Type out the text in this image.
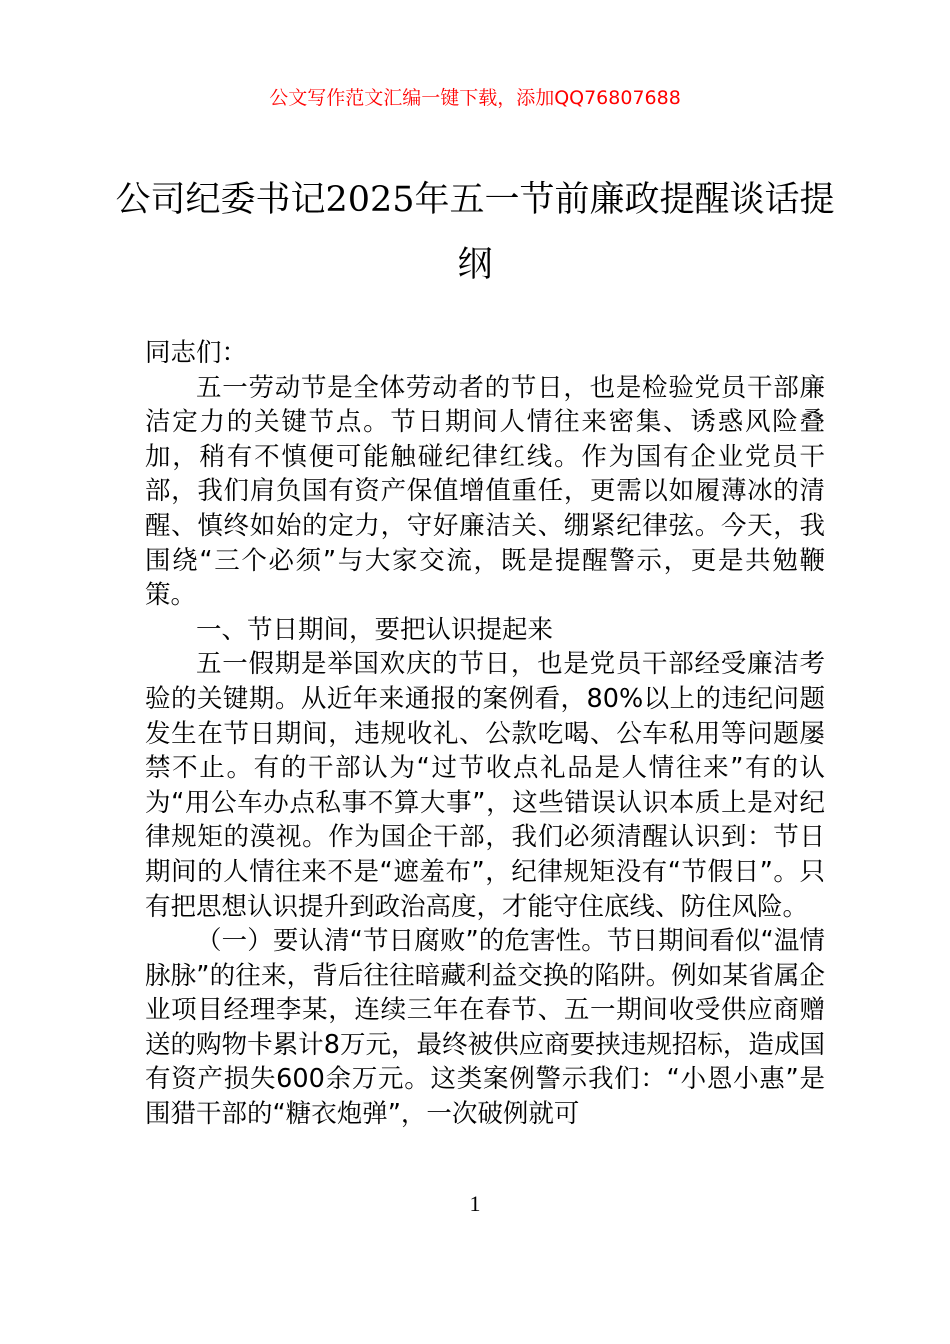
公文写作范文汇编一键下载，添加QQ76807688
公司纪委书记2025年五一节前廉政提醒谈话提纲

同志们：

五一劳动节是全体劳动者的节日，也是检验党员干部廉洁定力的关键节点。节日期间人情往来密集、诱惑风险叠加，稍有不慎便可能触碰纪律红线。作为国有企业党员干部，我们肩负国有资产保值增值重任，更需以如履薄冰的清醒、慎终如始的定力，守好廉洁关、绷紧纪律弦。今天，我围绕“三个必须”与大家交流，既是提醒警示，更是共勉鞭策。

一、节日期间，要把认识提起来

五一假期是举国欢庆的节日，也是党员干部经受廉洁考验的关键期。从近年来通报的案例看，80%以上的违纪问题发生在节日期间，违规收礼、公款吃喝、公车私用等问题屡禁不止。有的干部认为“过节收点礼品是人情往来”有的认为“用公车办点私事不算大事”，这些错误认识本质上是对纪律规矩的漠视。作为国企干部，我们必须清醒认识到：节日期间的人情往来不是“遮羞布”，纪律规矩没有“节假日”。只有把思想认识提升到政治高度，才能守住底线、防住风险。

（一）要认清“节日腐败”的危害性。节日期间看似“温情脉脉”的往来，背后往往暗藏利益交换的陷阱。例如某省属企业项目经理李某，连续三年在春节、五一期间收受供应商赠送的购物卡累计8万元，最终被供应商要挟违规招标，造成国有资产损失600余万元。这类案例警示我们：“小恩小惠”是围猎干部的“糖衣炮弹”，一次破例就可

1
